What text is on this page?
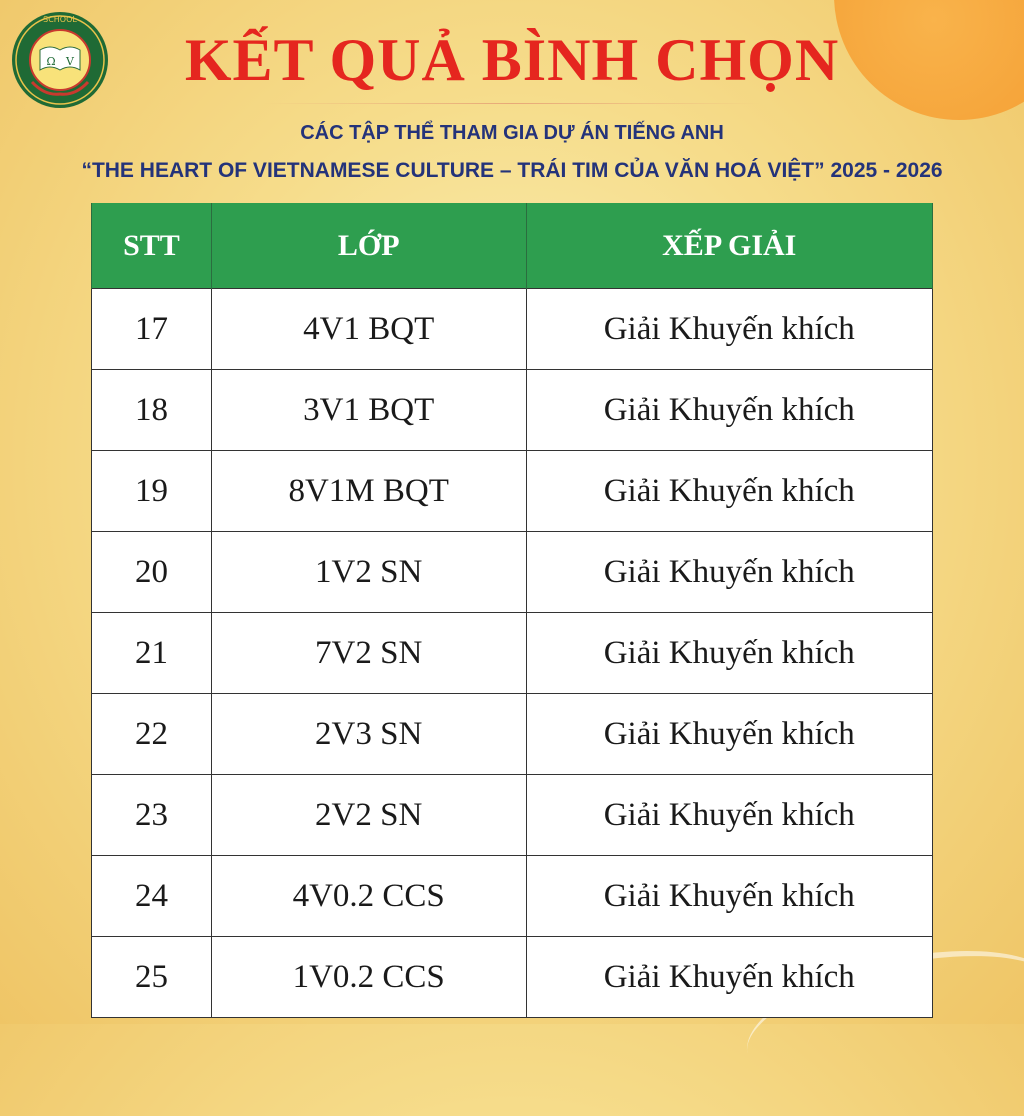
Ω V
SCHOOL
KẾT QUẢ BÌNH CHỌN
CÁC TẬP THỂ THAM GIA DỰ ÁN TIẾNG ANH
“THE HEART OF VIETNAMESE CULTURE – TRÁI TIM CỦA VĂN HOÁ VIỆT” 2025 - 2026
STT	LỚP	XẾP GIẢI
17	4V1 BQT	Giải Khuyến khích
18	3V1 BQT	Giải Khuyến khích
19	8V1M BQT	Giải Khuyến khích
20	1V2 SN	Giải Khuyến khích
21	7V2 SN	Giải Khuyến khích
22	2V3 SN	Giải Khuyến khích
23	2V2 SN	Giải Khuyến khích
24	4V0.2 CCS	Giải Khuyến khích
25	1V0.2 CCS	Giải Khuyến khích
